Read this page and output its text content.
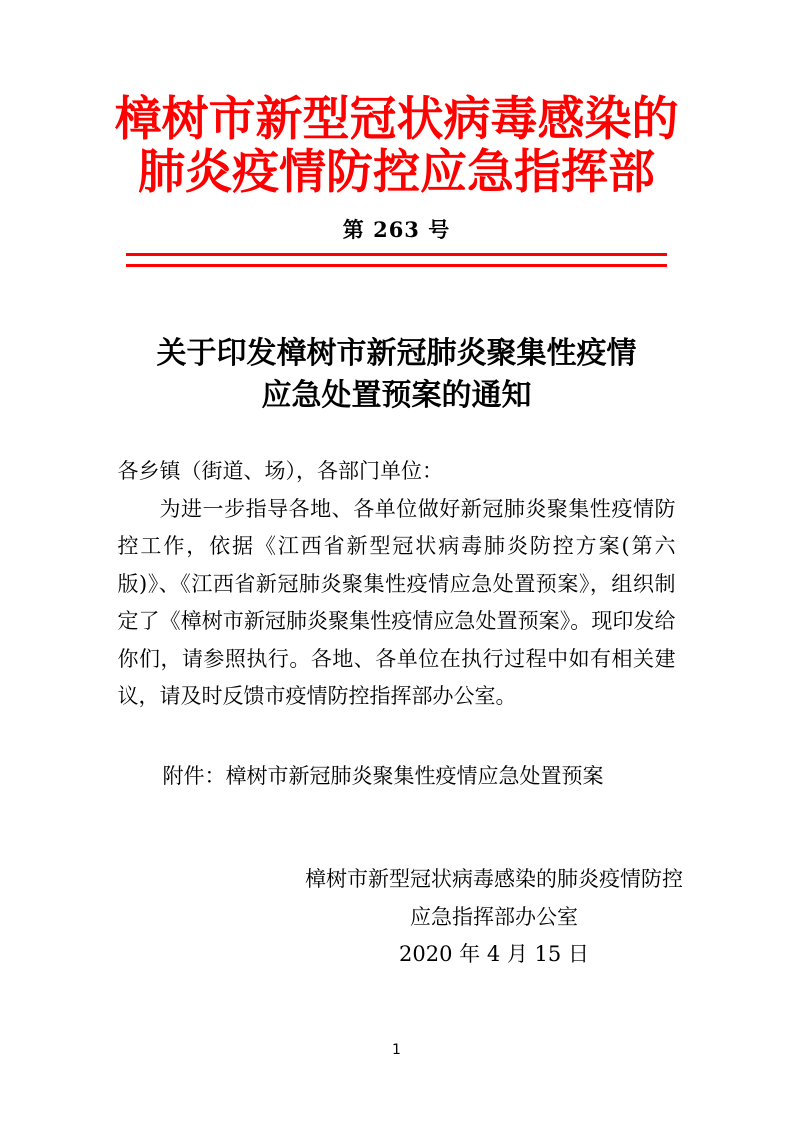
樟树市新型冠状病毒感染的
肺炎疫情防控应急指挥部
第 263 号
关于印发樟树市新冠肺炎聚集性疫情
应急处置预案的通知
各乡镇（街道、场），各部门单位：
为进一步指导各地、各单位做好新冠肺炎聚集性疫情防控工作，依据《江西省新型冠状病毒肺炎防控方案(第六版)》、《江西省新冠肺炎聚集性疫情应急处置预案》，组织制定了《樟树市新冠肺炎聚集性疫情应急处置预案》。现印发给你们，请参照执行。各地、各单位在执行过程中如有相关建议，请及时反馈市疫情防控指挥部办公室。
附件：樟树市新冠肺炎聚集性疫情应急处置预案
樟树市新型冠状病毒感染的肺炎疫情防控
应急指挥部办公室
2020 年 4 月 15 日
1
